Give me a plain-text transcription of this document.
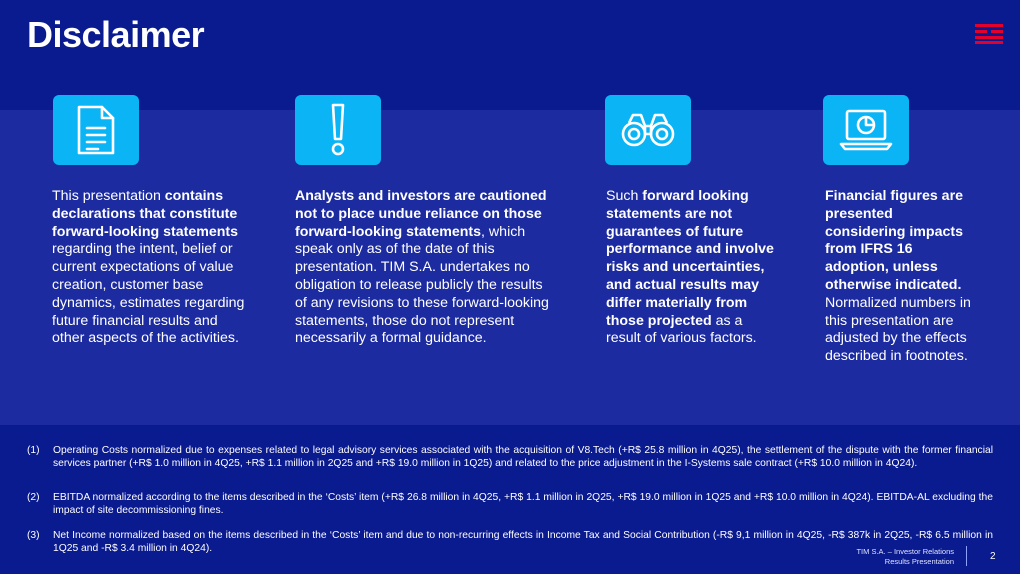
Disclaimer
This presentation contains declarations that constitute forward-looking statements regarding the intent, belief or current expectations of value creation, customer base dynamics, estimates regarding future financial results and other aspects of the activities.
Analysts and investors are cautioned not to place undue reliance on those forward-looking statements, which speak only as of the date of this presentation. TIM S.A. undertakes no obligation to release publicly the results of any revisions to these forward-looking statements, those do not represent necessarily a formal guidance.
Such forward looking statements are not guarantees of future performance and involve risks and uncertainties, and actual results may differ materially from those projected as a result of various factors.
Financial figures are presented considering impacts from IFRS 16 adoption, unless otherwise indicated. Normalized numbers in this presentation are adjusted by the effects described in footnotes.
(1) Operating Costs normalized due to expenses related to legal advisory services associated with the acquisition of V8.Tech (+R$ 25.8 million in 4Q25), the settlement of the dispute with the former financial services partner (+R$ 1.0 million in 4Q25, +R$ 1.1 million in 2Q25 and +R$ 19.0 million in 1Q25) and related to the price adjustment in the I-Systems sale contract (+R$ 10.0 million in 4Q24).
(2) EBITDA normalized according to the items described in the ‘Costs’ item (+R$ 26.8 million in 4Q25, +R$ 1.1 million in 2Q25, +R$ 19.0 million in 1Q25 and +R$ 10.0 million in 4Q24). EBITDA-AL excluding the impact of site decommissioning fines.
(3) Net Income normalized based on the items described in the ‘Costs’ item and due to non-recurring effects in Income Tax and Social Contribution (-R$ 9,1 million in 4Q25, -R$ 387k in 2Q25, -R$ 6.5 million in 1Q25 and -R$ 3.4 million in 4Q24).	TIM S.A. – Investor Relations
Results Presentation	2
